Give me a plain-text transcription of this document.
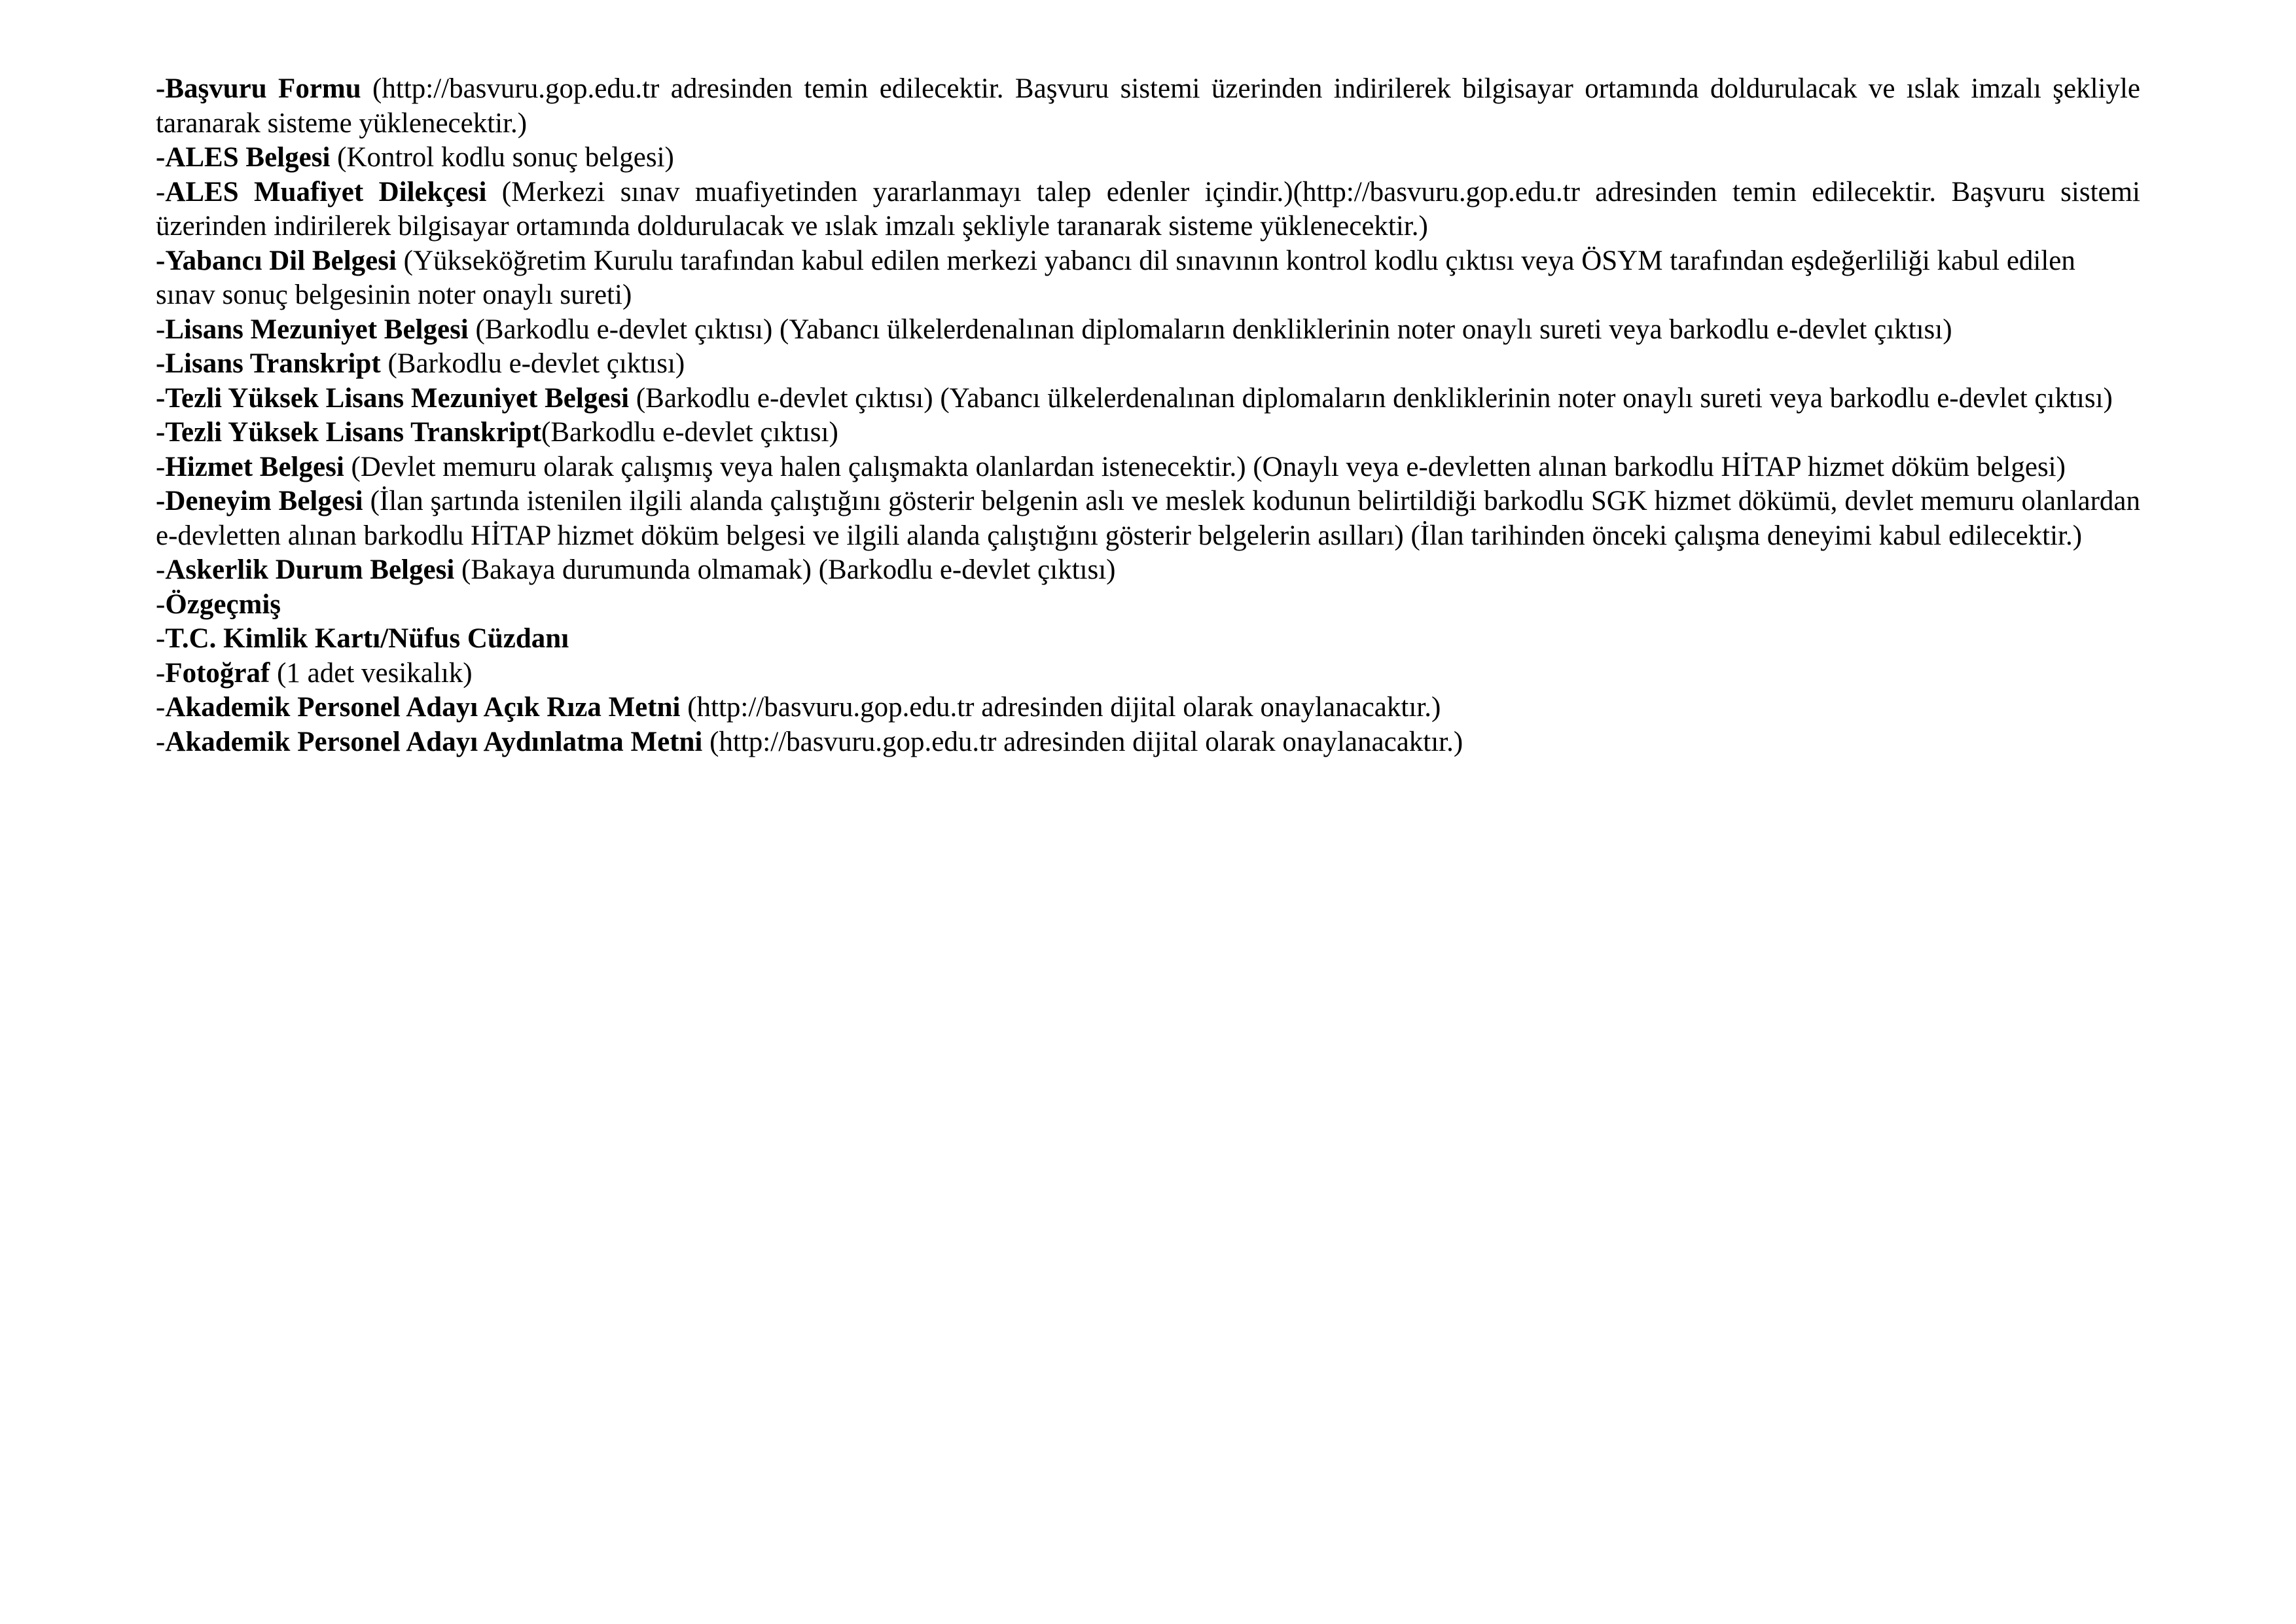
-Başvuru Formu (http://basvuru.gop.edu.tr adresinden temin edilecektir. Başvuru sistemi üzerinden indirilerek bilgisayar ortamında doldurulacak ve ıslak imzalı şekliyle taranarak sisteme yüklenecektir.)

-ALES Belgesi (Kontrol kodlu sonuç belgesi)

-ALES Muafiyet Dilekçesi (Merkezi sınav muafiyetinden yararlanmayı talep edenler içindir.)(http://basvuru.gop.edu.tr adresinden temin edilecektir. Başvuru sistemi üzerinden indirilerek bilgisayar ortamında doldurulacak ve ıslak imzalı şekliyle taranarak sisteme yüklenecektir.)

-Yabancı Dil Belgesi (Yükseköğretim Kurulu tarafından kabul edilen merkezi yabancı dil sınavının kontrol kodlu çıktısı veya ÖSYM tarafından eşdeğerliliği kabul edilen sınav sonuç belgesinin noter onaylı sureti)

-Lisans Mezuniyet Belgesi (Barkodlu e-devlet çıktısı) (Yabancı ülkelerdenalınan diplomaların denkliklerinin noter onaylı sureti veya barkodlu e-devlet çıktısı)

-Lisans Transkript (Barkodlu e-devlet çıktısı)

-Tezli Yüksek Lisans Mezuniyet Belgesi (Barkodlu e-devlet çıktısı) (Yabancı ülkelerdenalınan diplomaların denkliklerinin noter onaylı sureti veya barkodlu e-devlet çıktısı)

-Tezli Yüksek Lisans Transkript(Barkodlu e-devlet çıktısı)

-Hizmet Belgesi (Devlet memuru olarak çalışmış veya halen çalışmakta olanlardan istenecektir.) (Onaylı veya e-devletten alınan barkodlu HİTAP hizmet döküm belgesi)

-Deneyim Belgesi (İlan şartında istenilen ilgili alanda çalıştığını gösterir belgenin aslı ve meslek kodunun belirtildiği barkodlu SGK hizmet dökümü, devlet memuru olanlardan e-devletten alınan barkodlu HİTAP hizmet döküm belgesi ve ilgili alanda çalıştığını gösterir belgelerin asılları) (İlan tarihinden önceki çalışma deneyimi kabul edilecektir.)

-Askerlik Durum Belgesi (Bakaya durumunda olmamak) (Barkodlu e-devlet çıktısı)

-Özgeçmiş

-T.C. Kimlik Kartı/Nüfus Cüzdanı

-Fotoğraf (1 adet vesikalık)

-Akademik Personel Adayı Açık Rıza Metni (http://basvuru.gop.edu.tr adresinden dijital olarak onaylanacaktır.)

-Akademik Personel Adayı Aydınlatma Metni (http://basvuru.gop.edu.tr adresinden dijital olarak onaylanacaktır.)
